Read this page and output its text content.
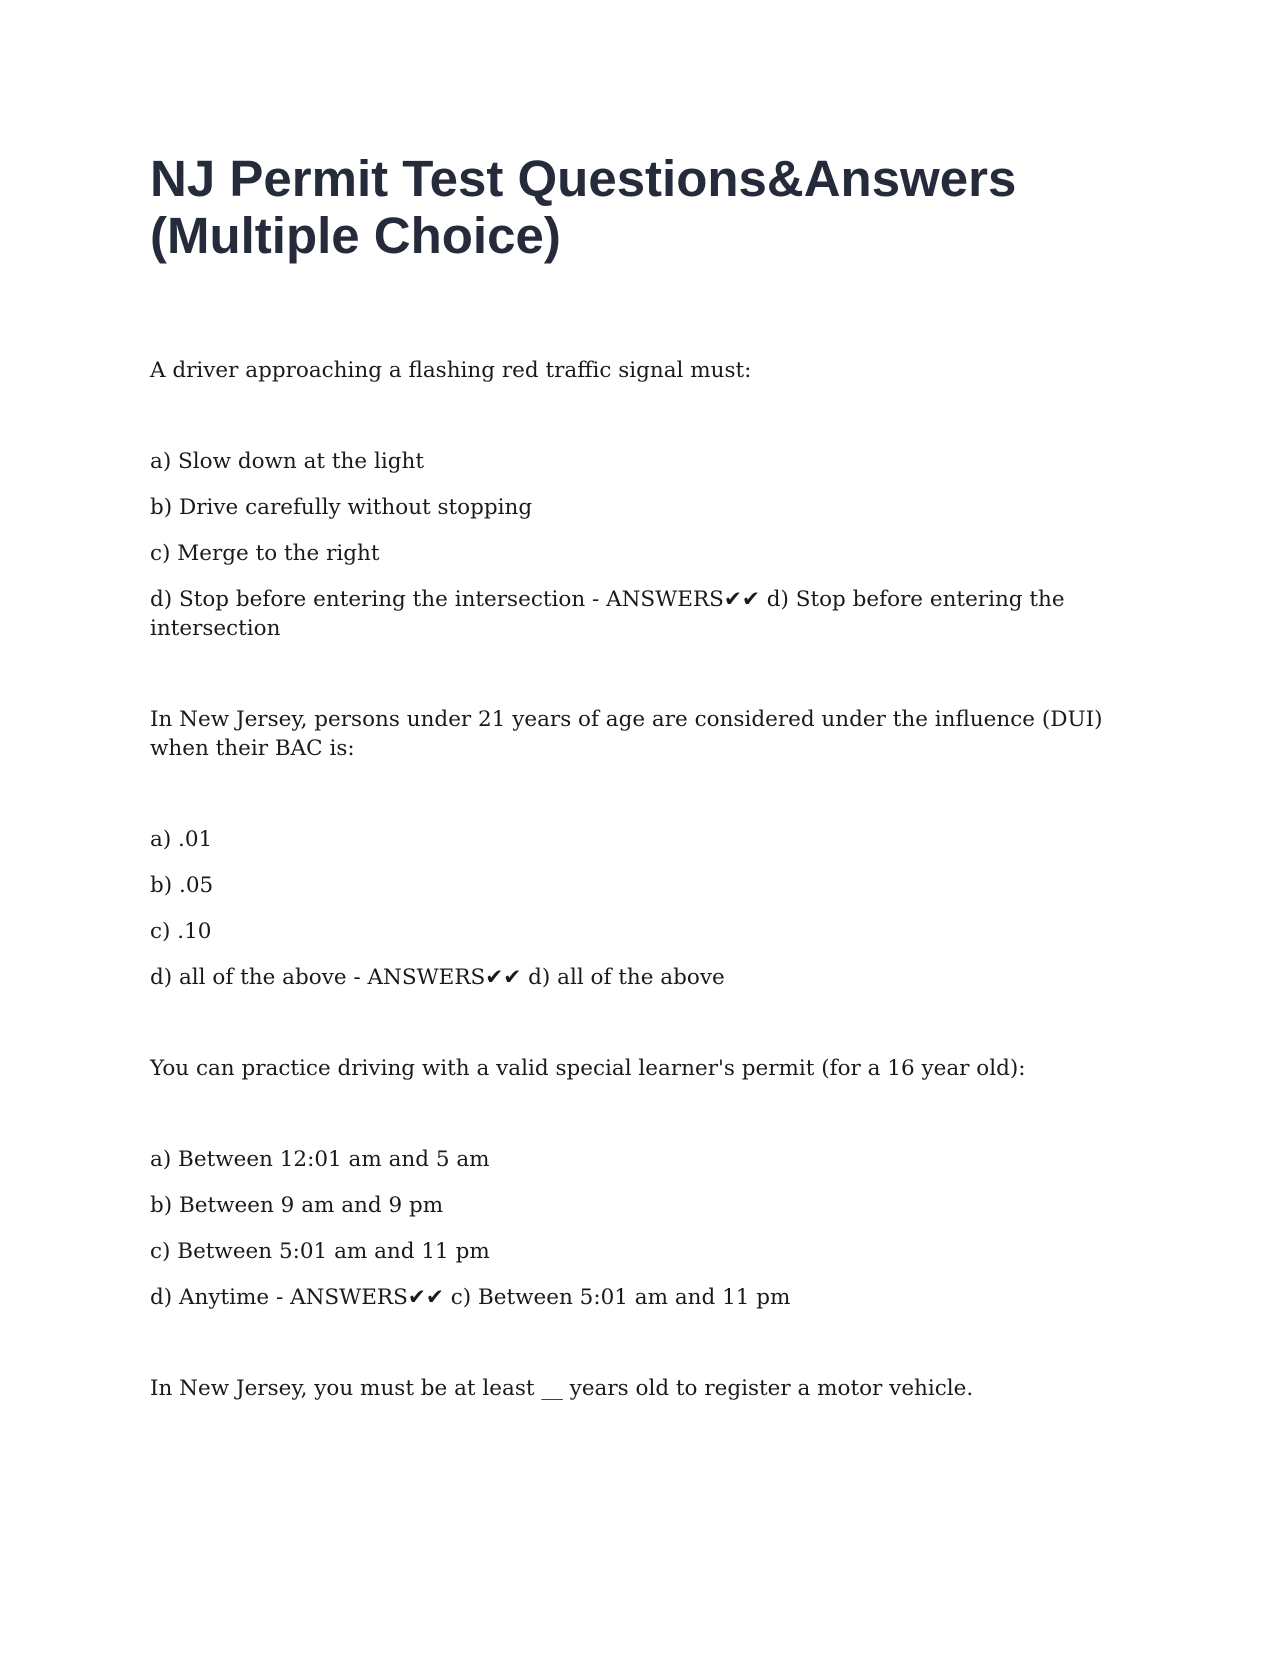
NJ Permit Test Questions&Answers (Multiple Choice)

A driver approaching a flashing red traffic signal must:

a) Slow down at the light
b) Drive carefully without stopping
c) Merge to the right
d) Stop before entering the intersection - ANSWERS✔✔ d) Stop before entering the intersection

In New Jersey, persons under 21 years of age are considered under the influence (DUI) when their BAC is:

a) .01
b) .05
c) .10
d) all of the above - ANSWERS✔✔ d) all of the above

You can practice driving with a valid special learner's permit (for a 16 year old):

a) Between 12:01 am and 5 am
b) Between 9 am and 9 pm
c) Between 5:01 am and 11 pm
d) Anytime - ANSWERS✔✔ c) Between 5:01 am and 11 pm

In New Jersey, you must be at least __ years old to register a motor vehicle.
